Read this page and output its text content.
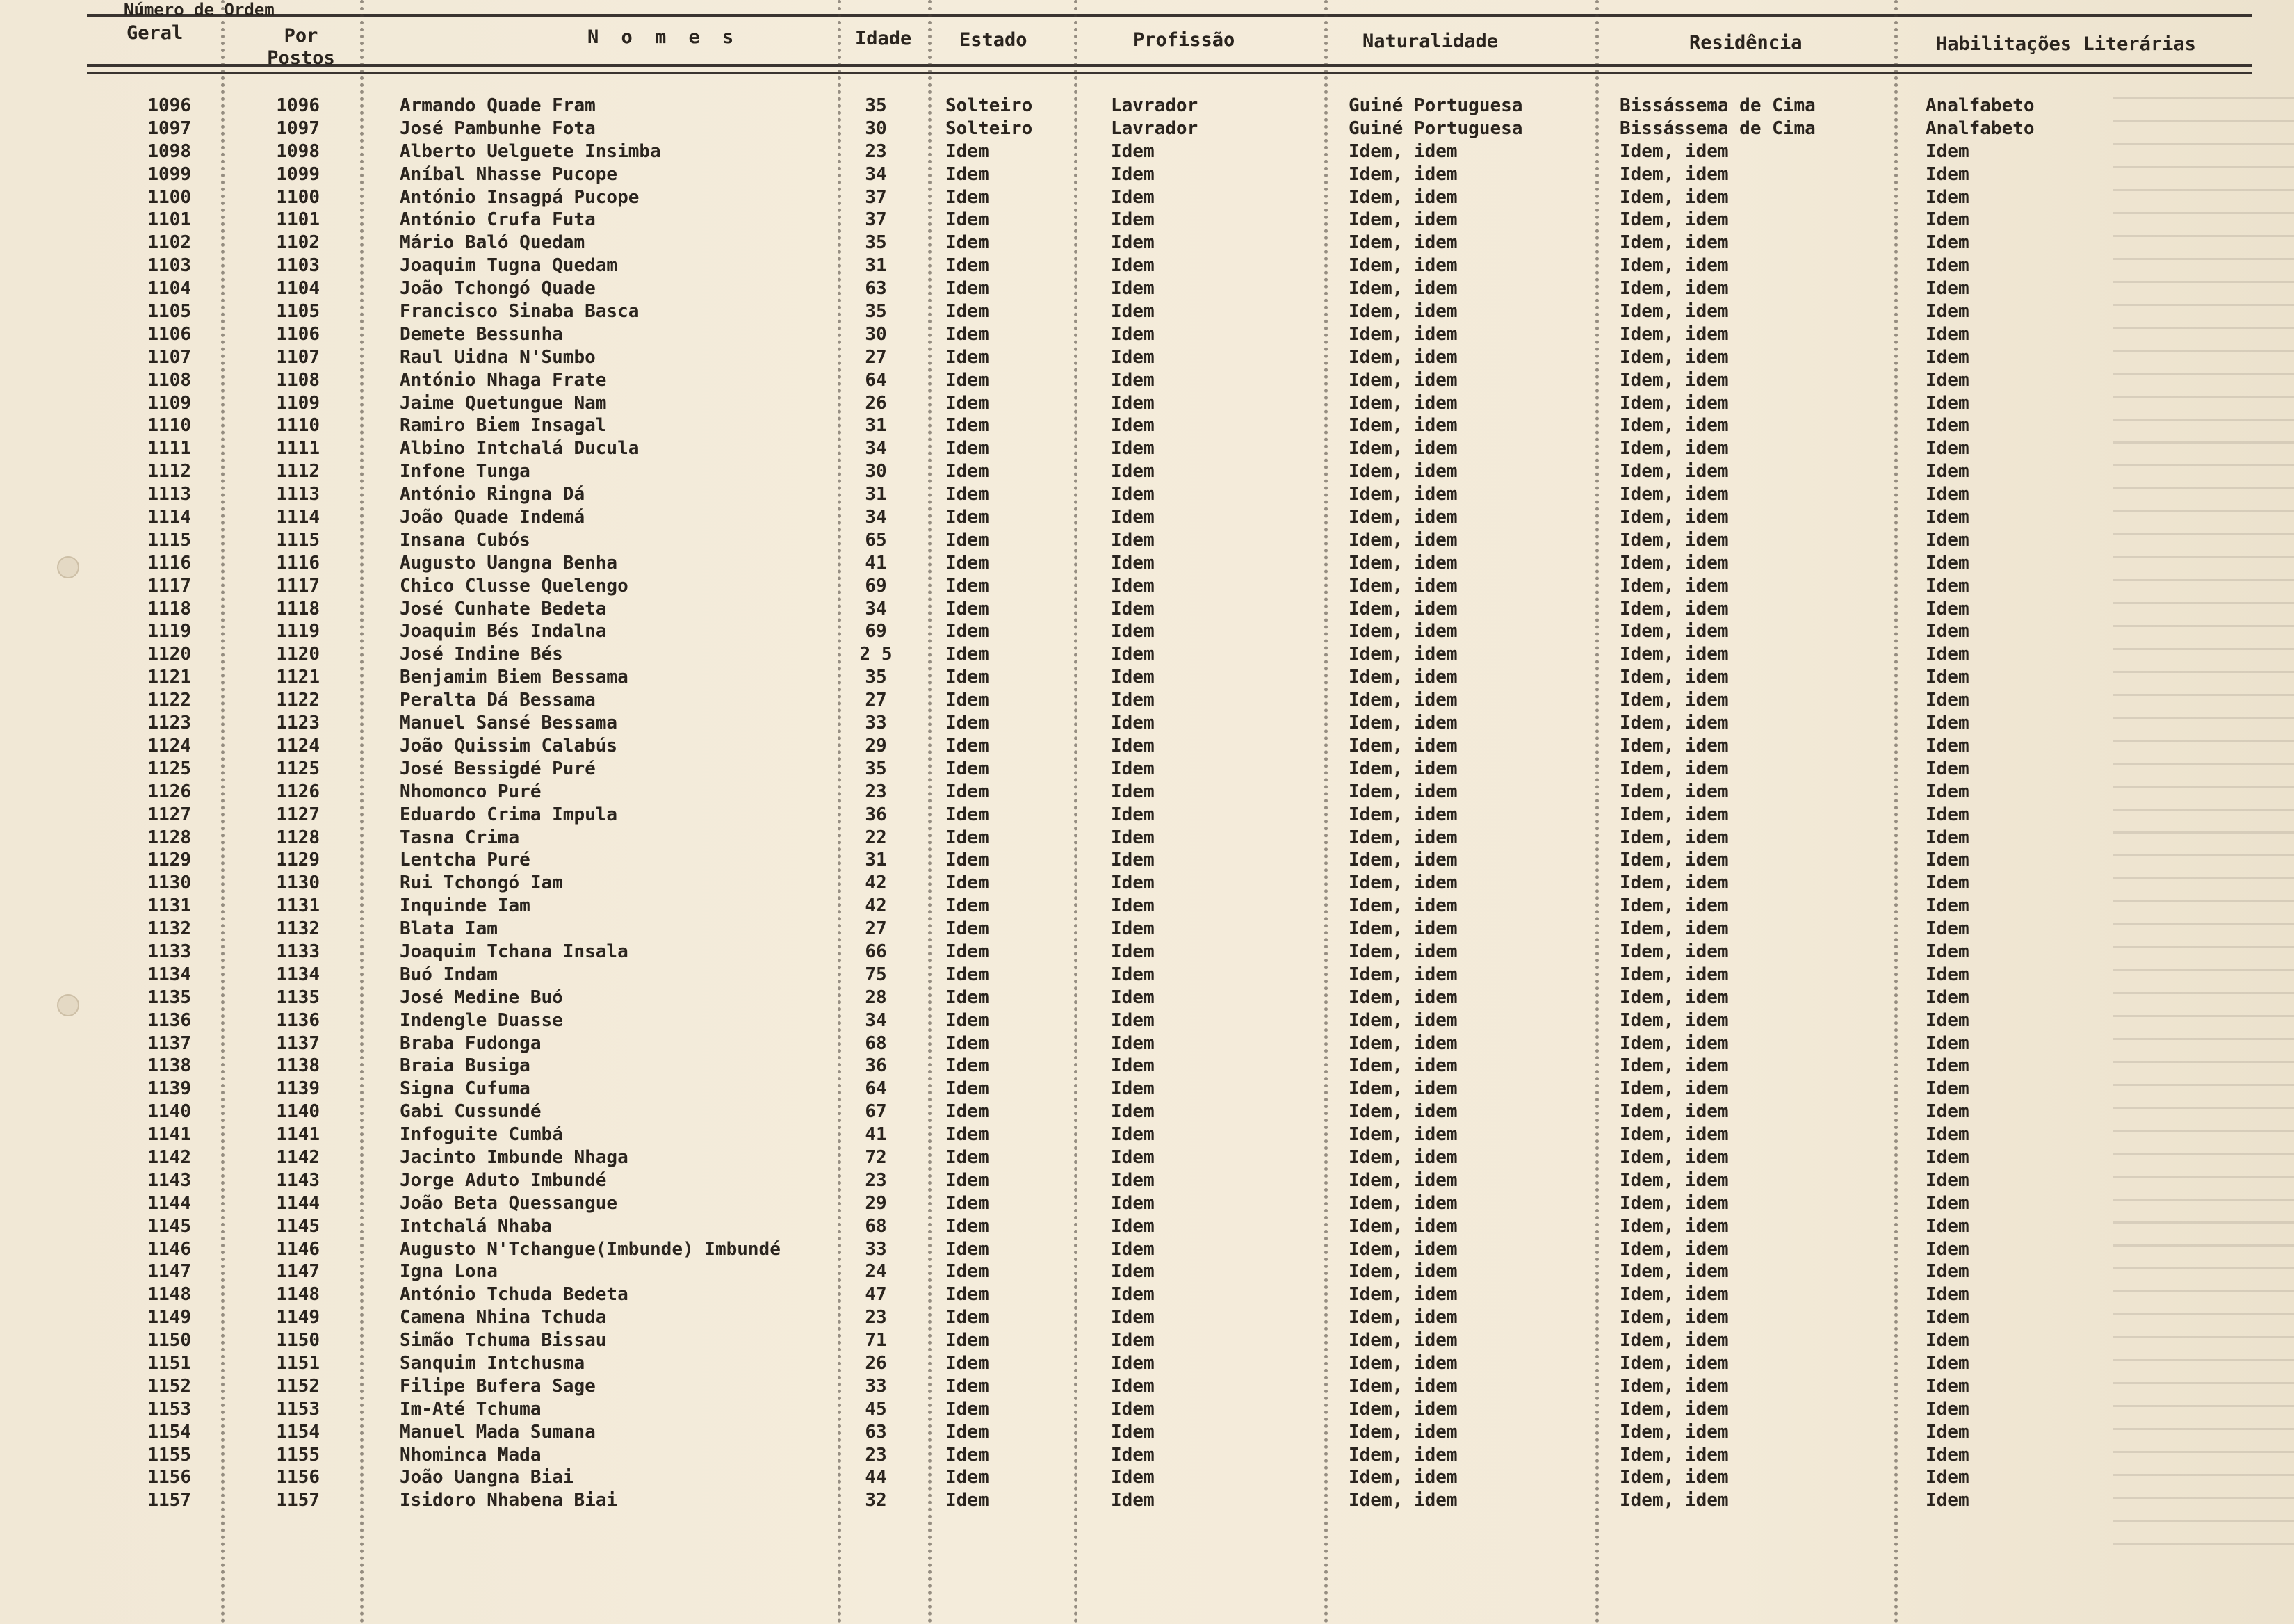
Número de Ordem
Geral	Por Postos
N o m e s	Idade	Estado	Profissão	Naturalidade	Residência	Habilitações Literárias
1096	1096	Armando Quade Fram	35	Solteiro	Lavrador	Guiné Portuguesa	Bissássema de Cima	Analfabeto
1097	1097	José Pambunhe Fota	30	Solteiro	Lavrador	Guiné Portuguesa	Bissássema de Cima	Analfabeto
1098	1098	Alberto Uelguete Insimba	23	Idem	Idem	Idem, idem	Idem, idem	Idem
1099	1099	Aníbal Nhasse Pucope	34	Idem	Idem	Idem, idem	Idem, idem	Idem
1100	1100	António Insagpá Pucope	37	Idem	Idem	Idem, idem	Idem, idem	Idem
1101	1101	António Crufa Futa	37	Idem	Idem	Idem, idem	Idem, idem	Idem
1102	1102	Mário Baló Quedam	35	Idem	Idem	Idem, idem	Idem, idem	Idem
1103	1103	Joaquim Tugna Quedam	31	Idem	Idem	Idem, idem	Idem, idem	Idem
1104	1104	João Tchongó Quade	63	Idem	Idem	Idem, idem	Idem, idem	Idem
1105	1105	Francisco Sinaba Basca	35	Idem	Idem	Idem, idem	Idem, idem	Idem
1106	1106	Demete Bessunha	30	Idem	Idem	Idem, idem	Idem, idem	Idem
1107	1107	Raul Uidna N'Sumbo	27	Idem	Idem	Idem, idem	Idem, idem	Idem
1108	1108	António Nhaga Frate	64	Idem	Idem	Idem, idem	Idem, idem	Idem
1109	1109	Jaime Quetungue Nam	26	Idem	Idem	Idem, idem	Idem, idem	Idem
1110	1110	Ramiro Biem Insagal	31	Idem	Idem	Idem, idem	Idem, idem	Idem
1111	1111	Albino Intchalá Ducula	34	Idem	Idem	Idem, idem	Idem, idem	Idem
1112	1112	Infone Tunga	30	Idem	Idem	Idem, idem	Idem, idem	Idem
1113	1113	António Ringna Dá	31	Idem	Idem	Idem, idem	Idem, idem	Idem
1114	1114	João Quade Indemá	34	Idem	Idem	Idem, idem	Idem, idem	Idem
1115	1115	Insana Cubós	65	Idem	Idem	Idem, idem	Idem, idem	Idem
1116	1116	Augusto Uangna Benha	41	Idem	Idem	Idem, idem	Idem, idem	Idem
1117	1117	Chico Clusse Quelengo	69	Idem	Idem	Idem, idem	Idem, idem	Idem
1118	1118	José Cunhate Bedeta	34	Idem	Idem	Idem, idem	Idem, idem	Idem
1119	1119	Joaquim Bés Indalna	69	Idem	Idem	Idem, idem	Idem, idem	Idem
1120	1120	José Indine Bés	2 5	Idem	Idem	Idem, idem	Idem, idem	Idem
1121	1121	Benjamim Biem Bessama	35	Idem	Idem	Idem, idem	Idem, idem	Idem
1122	1122	Peralta Dá Bessama	27	Idem	Idem	Idem, idem	Idem, idem	Idem
1123	1123	Manuel Sansé Bessama	33	Idem	Idem	Idem, idem	Idem, idem	Idem
1124	1124	João Quissim Calabús	29	Idem	Idem	Idem, idem	Idem, idem	Idem
1125	1125	José Bessigdé Puré	35	Idem	Idem	Idem, idem	Idem, idem	Idem
1126	1126	Nhomonco Puré	23	Idem	Idem	Idem, idem	Idem, idem	Idem
1127	1127	Eduardo Crima Impula	36	Idem	Idem	Idem, idem	Idem, idem	Idem
1128	1128	Tasna Crima	22	Idem	Idem	Idem, idem	Idem, idem	Idem
1129	1129	Lentcha Puré	31	Idem	Idem	Idem, idem	Idem, idem	Idem
1130	1130	Rui Tchongó Iam	42	Idem	Idem	Idem, idem	Idem, idem	Idem
1131	1131	Inquinde Iam	42	Idem	Idem	Idem, idem	Idem, idem	Idem
1132	1132	Blata Iam	27	Idem	Idem	Idem, idem	Idem, idem	Idem
1133	1133	Joaquim Tchana Insala	66	Idem	Idem	Idem, idem	Idem, idem	Idem
1134	1134	Buó Indam	75	Idem	Idem	Idem, idem	Idem, idem	Idem
1135	1135	José Medine Buó	28	Idem	Idem	Idem, idem	Idem, idem	Idem
1136	1136	Indengle Duasse	34	Idem	Idem	Idem, idem	Idem, idem	Idem
1137	1137	Braba Fudonga	68	Idem	Idem	Idem, idem	Idem, idem	Idem
1138	1138	Braia Busiga	36	Idem	Idem	Idem, idem	Idem, idem	Idem
1139	1139	Signa Cufuma	64	Idem	Idem	Idem, idem	Idem, idem	Idem
1140	1140	Gabi Cussundé	67	Idem	Idem	Idem, idem	Idem, idem	Idem
1141	1141	Infoguite Cumbá	41	Idem	Idem	Idem, idem	Idem, idem	Idem
1142	1142	Jacinto Imbunde Nhaga	72	Idem	Idem	Idem, idem	Idem, idem	Idem
1143	1143	Jorge Aduto Imbundé	23	Idem	Idem	Idem, idem	Idem, idem	Idem
1144	1144	João Beta Quessangue	29	Idem	Idem	Idem, idem	Idem, idem	Idem
1145	1145	Intchalá Nhaba	68	Idem	Idem	Idem, idem	Idem, idem	Idem
1146	1146	Augusto N'Tchangue(Imbunde) Imbundé	33	Idem	Idem	Idem, idem	Idem, idem	Idem
1147	1147	Igna Lona	24	Idem	Idem	Idem, idem	Idem, idem	Idem
1148	1148	António Tchuda Bedeta	47	Idem	Idem	Idem, idem	Idem, idem	Idem
1149	1149	Camena Nhina Tchuda	23	Idem	Idem	Idem, idem	Idem, idem	Idem
1150	1150	Simão Tchuma Bissau	71	Idem	Idem	Idem, idem	Idem, idem	Idem
1151	1151	Sanquim Intchusma	26	Idem	Idem	Idem, idem	Idem, idem	Idem
1152	1152	Filipe Bufera Sage	33	Idem	Idem	Idem, idem	Idem, idem	Idem
1153	1153	Im-Até Tchuma	45	Idem	Idem	Idem, idem	Idem, idem	Idem
1154	1154	Manuel Mada Sumana	63	Idem	Idem	Idem, idem	Idem, idem	Idem
1155	1155	Nhominca Mada	23	Idem	Idem	Idem, idem	Idem, idem	Idem
1156	1156	João Uangna Biai	44	Idem	Idem	Idem, idem	Idem, idem	Idem
1157	1157	Isidoro Nhabena Biai	32	Idem	Idem	Idem, idem	Idem, idem	Idem
